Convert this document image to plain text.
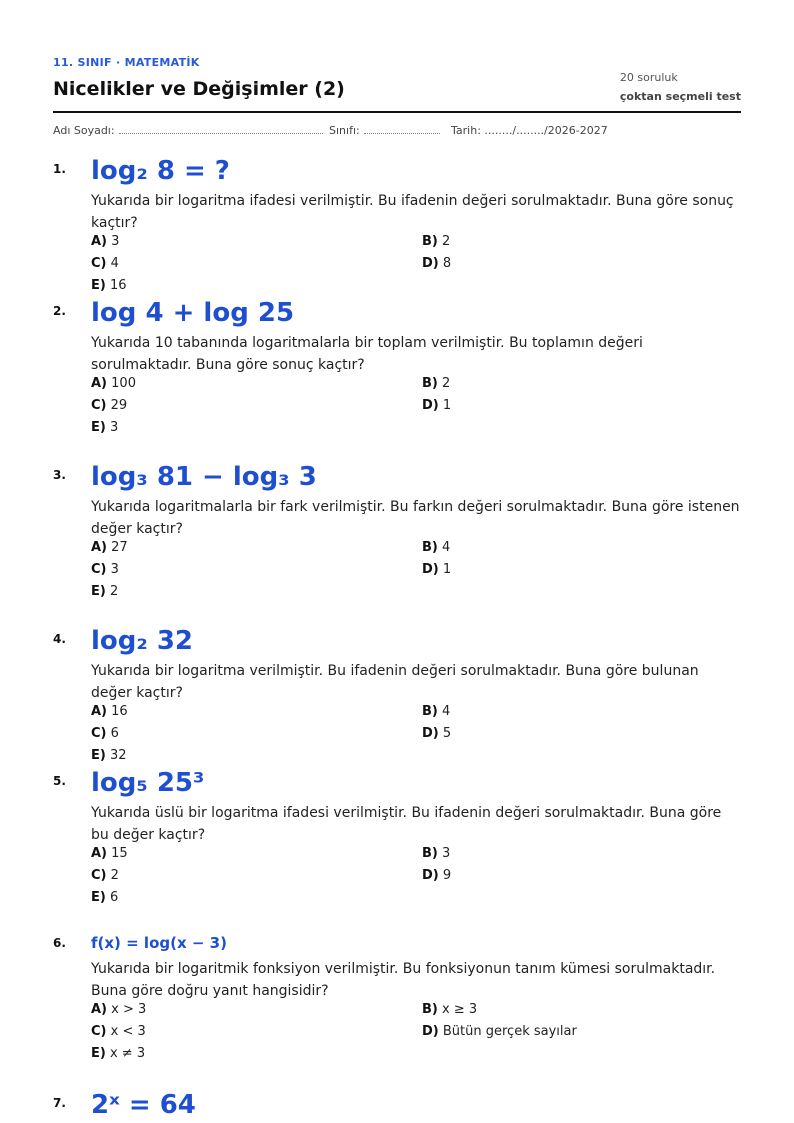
11. SINIF · MATEMATİK
Nicelikler ve Değişimler (2)
20 soruluk
çoktan seçmeli test
Adı Soyadı:	Sınıfı:	Tarih: ......../......../2026-2027
1. log₂ 8 = ?
Yukarıda bir logaritma ifadesi verilmiştir. Bu ifadenin değeri sorulmaktadır. Buna göre sonuç kaçtır?
A) 3	B) 2
C) 4	D) 8
E) 16
2. log 4 + log 25
Yukarıda 10 tabanında logaritmalarla bir toplam verilmiştir. Bu toplamın değeri sorulmaktadır. Buna göre sonuç kaçtır?
A) 100	B) 2
C) 29	D) 1
E) 3
3. log₃ 81 − log₃ 3
Yukarıda logaritmalarla bir fark verilmiştir. Bu farkın değeri sorulmaktadır. Buna göre istenen değer kaçtır?
A) 27	B) 4
C) 3	D) 1
E) 2
4. log₂ 32
Yukarıda bir logaritma verilmiştir. Bu ifadenin değeri sorulmaktadır. Buna göre bulunan değer kaçtır?
A) 16	B) 4
C) 6	D) 5
E) 32
5. log₅ 25³
Yukarıda üslü bir logaritma ifadesi verilmiştir. Bu ifadenin değeri sorulmaktadır. Buna göre bu değer kaçtır?
A) 15	B) 3
C) 2	D) 9
E) 6
6. f(x) = log(x − 3)
Yukarıda bir logaritmik fonksiyon verilmiştir. Bu fonksiyonun tanım kümesi sorulmaktadır. Buna göre doğru yanıt hangisidir?
A) x > 3	B) x ≥ 3
C) x < 3	D) Bütün gerçek sayılar
E) x ≠ 3
7. 2ˣ = 64
